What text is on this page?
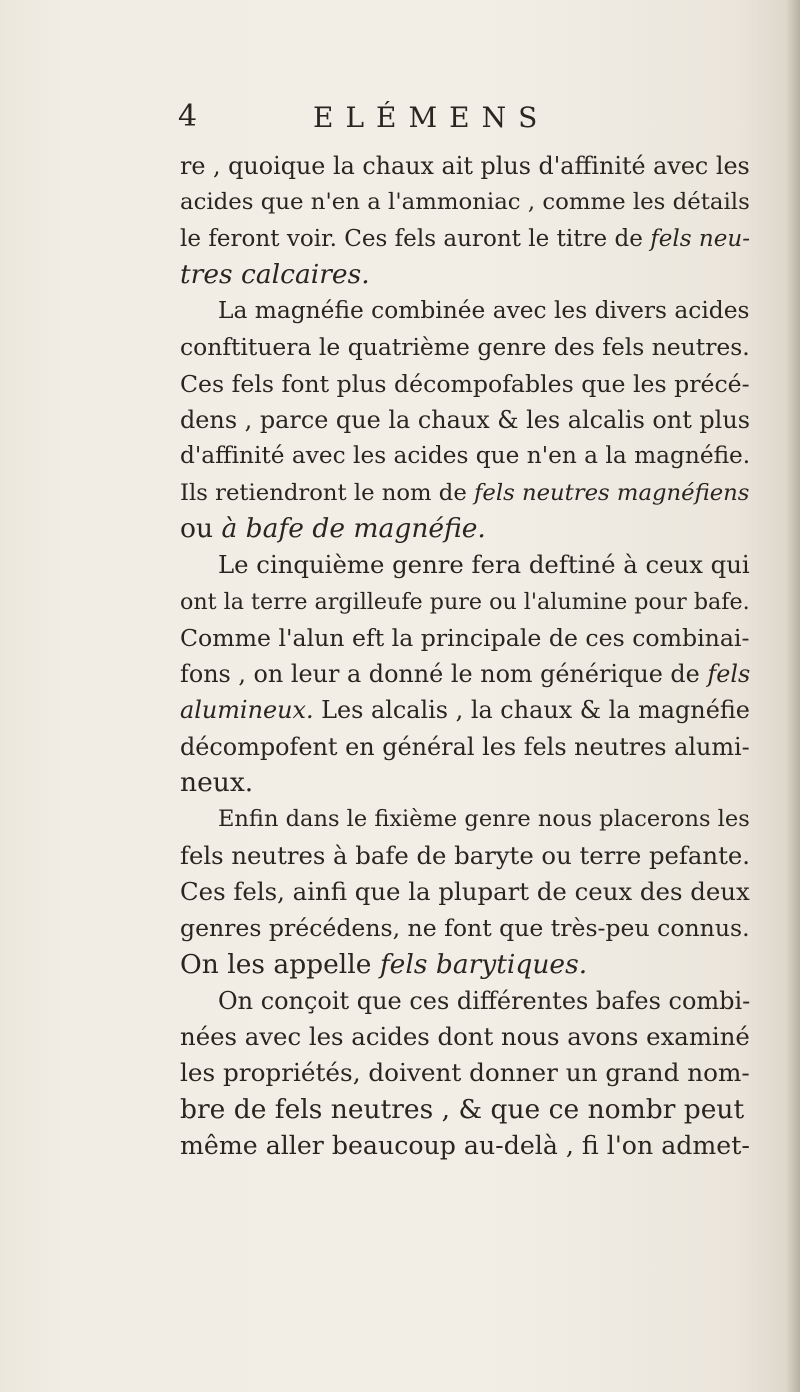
4	ELÉMENS
re , quoique la chaux ait plus d'affinité avec les
acides que n'en a l'ammoniac , comme les détails
le feront voir. Ces fels auront le titre de fels neu-
tres calcaires.
La magnéfie combinée avec les divers acides
conftituera le quatrième genre des fels neutres.
Ces fels font plus décompofables que les précé-
dens , parce que la chaux & les alcalis ont plus
d'affinité avec les acides que n'en a la magnéfie.
Ils retiendront le nom de fels neutres magnéfiens
ou à bafe de magnéfie.
Le cinquième genre fera deftiné à ceux qui
ont la terre argilleufe pure ou l'alumine pour bafe.
Comme l'alun eft la principale de ces combinai-
fons , on leur a donné le nom générique de fels
alumineux. Les alcalis , la chaux & la magnéfie
décompofent en général les fels neutres alumi-
neux.
Enfin dans le fixième genre nous placerons les
fels neutres à bafe de baryte ou terre pefante.
Ces fels, ainfi que la plupart de ceux des deux
genres précédens, ne font que très-peu connus.
On les appelle fels barytiques.
On conçoit que ces différentes bafes combi-
nées avec les acides dont nous avons examiné
les propriétés, doivent donner un grand nom-
bre de fels neutres , & que ce nombr peut
même aller beaucoup au-delà , fi l'on admet-
